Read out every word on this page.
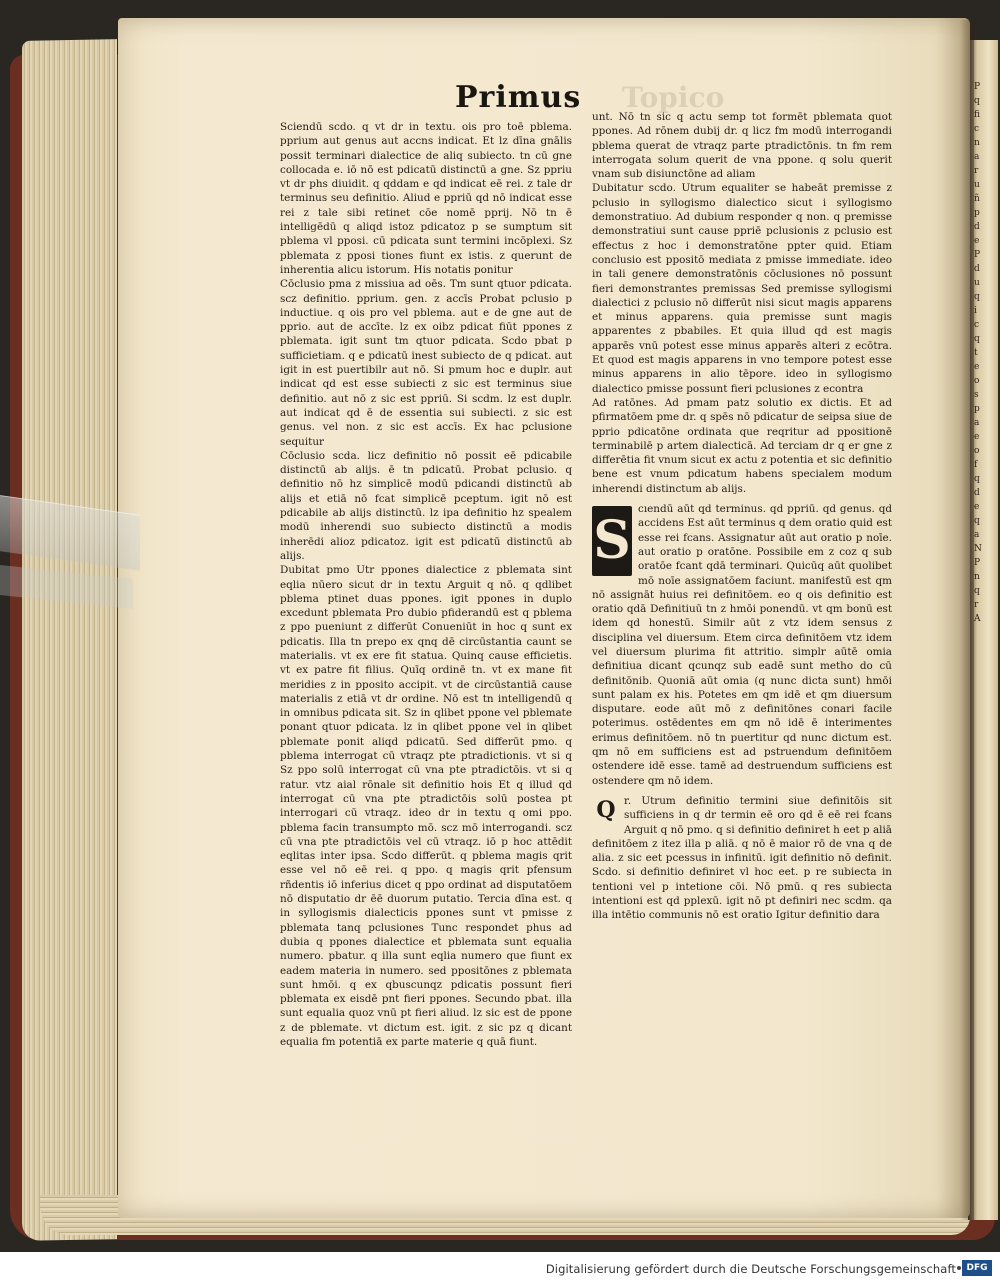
Topico
Primus

Sciendū scdo. q vt dr in textu. ois pro toē pblema. pprium aut genus aut accns indicat. Et lz dīna gnālis possit terminari dialectice de aliq subiecto. tn cū gne collocada e. iō nō est pdicatū distinctū a gne. Sz ppriu vt dr phs diuidit. q qddam e qd indicat eē rei. z tale dr terminus seu definitio. Aliud e ppriū qd nō indicat esse rei z tale sibi retinet cōe nomē pprij. Nō tn ē intelligēdū q aliqd istoz pdicatoz p se sumptum sit pblema vl pposi. cū pdicata sunt termini incōplexi. Sz pblemata z pposi tiones fiunt ex istis. z querunt de inherentia alicu istorum. His notatis ponitur

Cōclusio pma z missiua ad oēs. Tm sunt qtuor pdicata. scz definitio. pprium. gen. z accīs Probat pclusio p inductiue. q ois pro vel pblema. aut e de gne aut de pprio. aut de accīte. lz ex oibz pdicat fiūt ppones z pblemata. igit sunt tm qtuor pdicata. Scdo pbat p sufficietiam. q e pdicatū inest subiecto de q pdicat. aut igit in est puertibilr aut nō. Si pmum hoc e duplr. aut indicat qd est esse subiecti z sic est terminus siue definitio. aut nō z sic est ppriū. Si scdm. lz est duplr. aut indicat qd ē de essentia sui subiecti. z sic est genus. vel non. z sic est accīs. Ex hac pclusione sequitur

Cōclusio scda. licz definitio nō possit eē pdicabile distinctū ab alijs. ē tn pdicatū. Probat pclusio. q definitio nō hz simplicē modū pdicandi distinctū ab alijs et etiā nō fcat simplicē pceptum. igit nō est pdicabile ab alijs distinctū. lz ipa definitio hz spealem modū inherendi suo subiecto distinctū a modis inherēdi alioz pdicatoz. igit est pdicatū distinctū ab alijs.

Dubitat pmo Utr ppones dialectice z pblemata sint eqlia nūero sicut dr in textu Arguit q nō. q qdlibet pblema ptinet duas ppones. igit ppones in duplo excedunt pblemata Pro dubio pfiderandū est q pblema z ppo pueniunt z differūt Conueniūt in hoc q sunt ex pdicatis. Illa tn prepo ex qnq dē circūstantia caunt se materialis. vt ex ere fit statua. Quinq cause efficietis. vt ex patre fit filius. Quīq ordinē tn. vt ex mane fit meridies z in pposito accipit. vt de circūstantiā cause materialis z etiā vt dr ordine. Nō est tn intelligendū q in omnibus pdicata sit. Sz in qlibet ppone vel pblemate ponant qtuor pdicata. lz in qlibet ppone vel in qlibet pblemate ponit aliqd pdicatū. Sed differūt pmo. q pblema interrogat cū vtraqz pte ptradictionis. vt si q Sz ppo solū interrogat cū vna pte ptradictōis. vt si q ratur. vtz aial rōnale sit definitio hois Et q illud qd interrogat cū vna pte ptradictōis solū postea pt interrogari cū vtraqz. ideo dr in textu q omi ppo. pblema facin transumpto mō. scz mō interrogandi. scz cū vna pte ptradictōis vel cū vtraqz. iō p hoc attēdit eqlitas inter ipsa. Scdo differūt. q pblema magis qrit esse vel nō eē rei. q ppo. q magis qrit pfensum rñdentis iō inferius dicet q ppo ordinat ad disputatōem nō disputatio dr ēē duorum putatio. Tercia dīna est. q in syllogismis dialecticis ppones sunt vt pmisse z pblemata tanq pclusiones Tunc respondet phus ad dubia q ppones dialectice et pblemata sunt equalia numero. pbatur. q illa sunt eqlia numero que fiunt ex eadem materia in numero. sed ppositōnes z pblemata sunt hmōi. q ex qbuscunqz pdicatis possunt fieri pblemata ex eisdē pnt fieri ppones. Secundo pbat. illa sunt equalia quoz vnū pt fieri aliud. lz sic est de ppone z de pblemate. vt dictum est. igit. z sic pz q dicant equalia fm potentiā ex parte materie q quā fiunt.

unt. Nō tn sic q actu semp tot formēt pblemata quot ppones. Ad rōnem dubij dr. q licz fm modū interrogandi pblema querat de vtraqz parte ptradictōnis. tn fm rem interrogata solum querit de vna ppone. q solu querit vnam sub disiunctōne ad aliam

Dubitatur scdo. Utrum equaliter se habeāt premisse z pclusio in syllogismo dialectico sicut i syllogismo demonstratiuo. Ad dubium responder q non. q premisse demonstratiui sunt cause ppriē pclusionis z pclusio est effectus z hoc i demonstratōne ppter quid. Etiam conclusio est ppositō mediata z pmisse immediate. ideo in tali genere demonstratōnis cōclusiones nō possunt fieri demonstrantes premissas Sed premisse syllogismi dialectici z pclusio nō differūt nisi sicut magis apparens et minus apparens. quia premisse sunt magis apparentes z pbabiles. Et quia illud qd est magis apparēs vnū potest esse minus apparēs alteri z ecōtra. Et quod est magis apparens in vno tempore potest esse minus apparens in alio tēpore. ideo in syllogismo dialectico pmisse possunt fieri pclusiones z econtra

Ad ratōnes. Ad pmam patz solutio ex dictis. Et ad pfirmatōem pme dr. q spēs nō pdicatur de seipsa siue de pprio pdicatōne ordinata que reqritur ad ppositionē terminabilē p artem dialecticā. Ad terciam dr q er gne z differētia fit vnum sicut ex actu z potentia et sic definitio bene est vnum pdicatum habens specialem modum inherendi distinctum ab alijs.

S
cıendū aūt qd terminus. qd ppriū. qd genus. qd accidens Est aūt terminus q dem oratio quid est esse rei fcans. Assignatur aūt aut oratio p noīe. aut oratio p oratōne. Possibile em z coz q sub oratōe fcant qdā terminari. Quicūq aūt quolibet mō noīe assignatōem faciunt. manifestū est qm nō assignāt huius rei definitōem. eo q ois definitio est oratio qdā Definitiuū tn z hmōi ponendū. vt qm bonū est idem qd honestū. Similr aūt z vtz idem sensus z disciplina vel diuersum. Etem circa definitōem vtz idem vel diuersum plurima fit attritio. simplr aūtē omia definitiua dicant qcunqz sub eadē sunt metho do cū definitōnib. Quoniā aūt omia (q nunc dicta sunt) hmōi sunt palam ex his. Potetes em qm idē et qm diuersum disputare. eode aūt mō z definitōnes conari facile poterimus. ostēdentes em qm nō idē ē interimentes erimus definitōem. nō tn puertitur qd nunc dictum est. qm nō em sufficiens est ad pstruendum definitōem ostendere idē esse. tamē ad destruendum sufficiens est ostendere qm nō idem.

Q r. Utrum definitio termini siue definitōis sit sufficiens in q dr termin eē oro qd ē eē rei fcans Arguit q nō pmo. q si definitio definiret h eet p aliā definitōem z itez illa p aliā. q nō ē maior rō de vna q de alia. z sic eet pcessus in infinitū. igit definitio nō definit. Scdo. si definitio definiret vl hoc eet. p re subiecta in tentioni vel p intetione cōi. Nō pmū. q res subiecta intentioni est qd pplexū. igit nō pt definiri nec scdm. qa illa intētio communis nō est oratio Igitur definitio dara

P
q
fi
c
n
a
r
u
ñ
p
d
e
P
d
u
q
i
c
q
t
e
o
s
p
a
e
o
f
q
d
e
q
a
N
P
n
q
r
A
Digitalisierung gefördert durch die Deutsche Forschungsgemeinschaft	DFG
